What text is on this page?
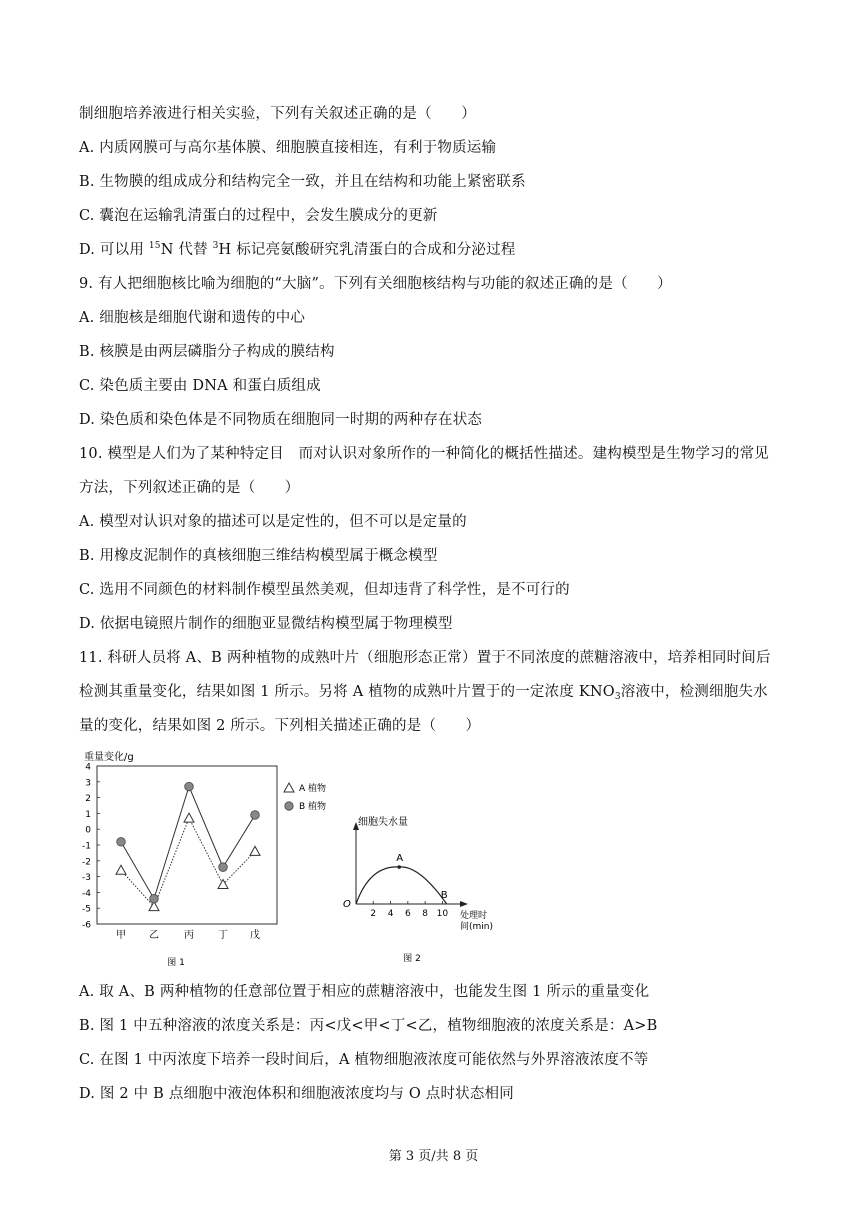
制细胞培养液进行相关实验，下列有关叙述正确的是（　　）
A. 内质网膜可与高尔基体膜、细胞膜直接相连，有利于物质运输
B. 生物膜的组成成分和结构完全一致，并且在结构和功能上紧密联系
C. 囊泡在运输乳清蛋白的过程中，会发生膜成分的更新
D. 可以用 $^{15}$N 代替 $^3$H 标记亮氨酸研究乳清蛋白的合成和分泌过程
9. 有人把细胞核比喻为细胞的“大脑”。下列有关细胞核结构与功能的叙述正确的是（　　）
A. 细胞核是细胞代谢和遗传的中心
B. 核膜是由两层磷脂分子构成的膜结构
C. 染色质主要由 DNA 和蛋白质组成
D. 染色质和染色体是不同物质在细胞同一时期的两种存在状态
10. 模型是人们为了某种特定目　而对认识对象所作的一种简化的概括性描述。建构模型是生物学习的常见
方法，下列叙述正确的是（　　）
A. 模型对认识对象的描述可以是定性的，但不可以是定量的
B. 用橡皮泥制作的真核细胞三维结构模型属于概念模型
C. 选用不同颜色的材料制作模型虽然美观，但却违背了科学性，是不可行的
D. 依据电镜照片制作的细胞亚显微结构模型属于物理模型
11. 科研人员将 A、B 两种植物的成熟叶片（细胞形态正常）置于不同浓度的蔗糖溶液中，培养相同时间后
检测其重量变化，结果如图 1 所示。另将 A 植物的成熟叶片置于的一定浓度 $KNO_3$溶液中，检测细胞失水
量的变化，结果如图 2 所示。下列相关描述正确的是（　　）
重量变化/g
4
3
2
1
0
-1
-2
-3
-4
-5
-6
甲 乙	丙 丁 戊
图 1
A 植物
B 植物
细胞失水量
O
2 4 6 8 10
A
B
处理时
间(min)
图 2
A. 取 A、B 两种植物的任意部位置于相应的蔗糖溶液中，也能发生图 1 所示的重量变化
B. 图 1 中五种溶液的浓度关系是：丙<戊<甲<丁<乙，植物细胞液的浓度关系是：A>B
C. 在图 1 中丙浓度下培养一段时间后，A 植物细胞液浓度可能依然与外界溶液浓度不等
D. 图 2 中 B 点细胞中液泡体积和细胞液浓度均与 O 点时状态相同
第 3 页/共 8 页
